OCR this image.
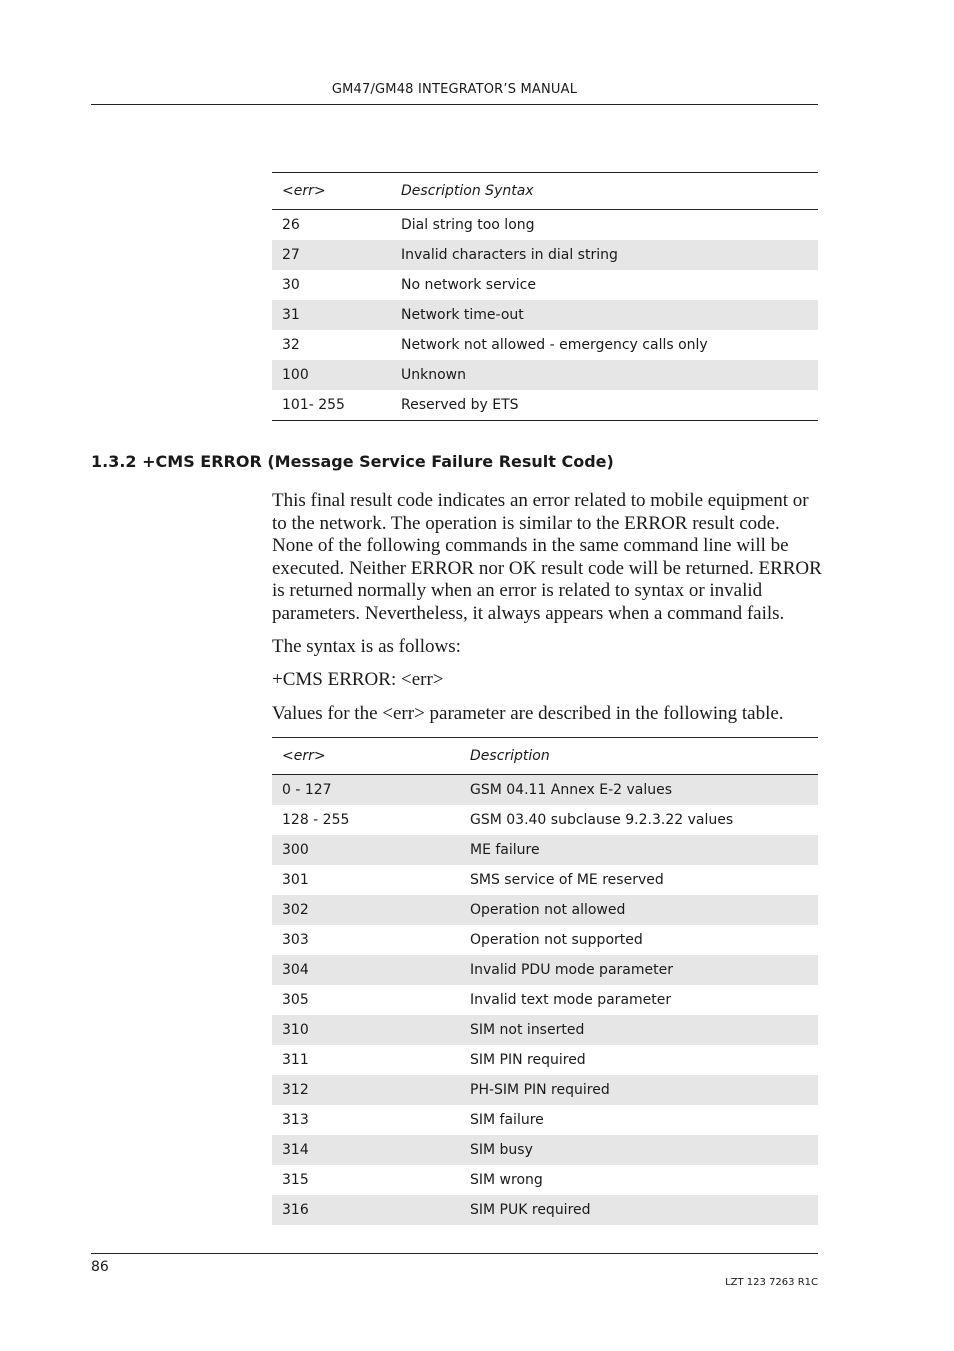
GM47/GM48 INTEGRATOR’S MANUAL
<err>	Description Syntax
26	Dial string too long
27	Invalid characters in dial string
30	No network service
31	Network time-out
32	Network not allowed - emergency calls only
100	Unknown
101- 255	Reserved by ETS
1.3.2 +CMS ERROR (Message Service Failure Result Code)

This final result code indicates an error related to mobile equipment or to the network. The operation is similar to the ERROR result code. None of the following commands in the same command line will be executed. Neither ERROR nor OK result code will be returned. ERROR is returned normally when an error is related to syntax or invalid parameters. Nevertheless, it always appears when a command fails.

The syntax is as follows:

+CMS ERROR: <err>

Values for the <err> parameter are described in the following table.

<err>	Description
0 - 127	GSM 04.11 Annex E-2 values
128 - 255	GSM 03.40 subclause 9.2.3.22 values
300	ME failure
301	SMS service of ME reserved
302	Operation not allowed
303	Operation not supported
304	Invalid PDU mode parameter
305	Invalid text mode parameter
310	SIM not inserted
311	SIM PIN required
312	PH-SIM PIN required
313	SIM failure
314	SIM busy
315	SIM wrong
316	SIM PUK required
86
LZT 123 7263 R1C
